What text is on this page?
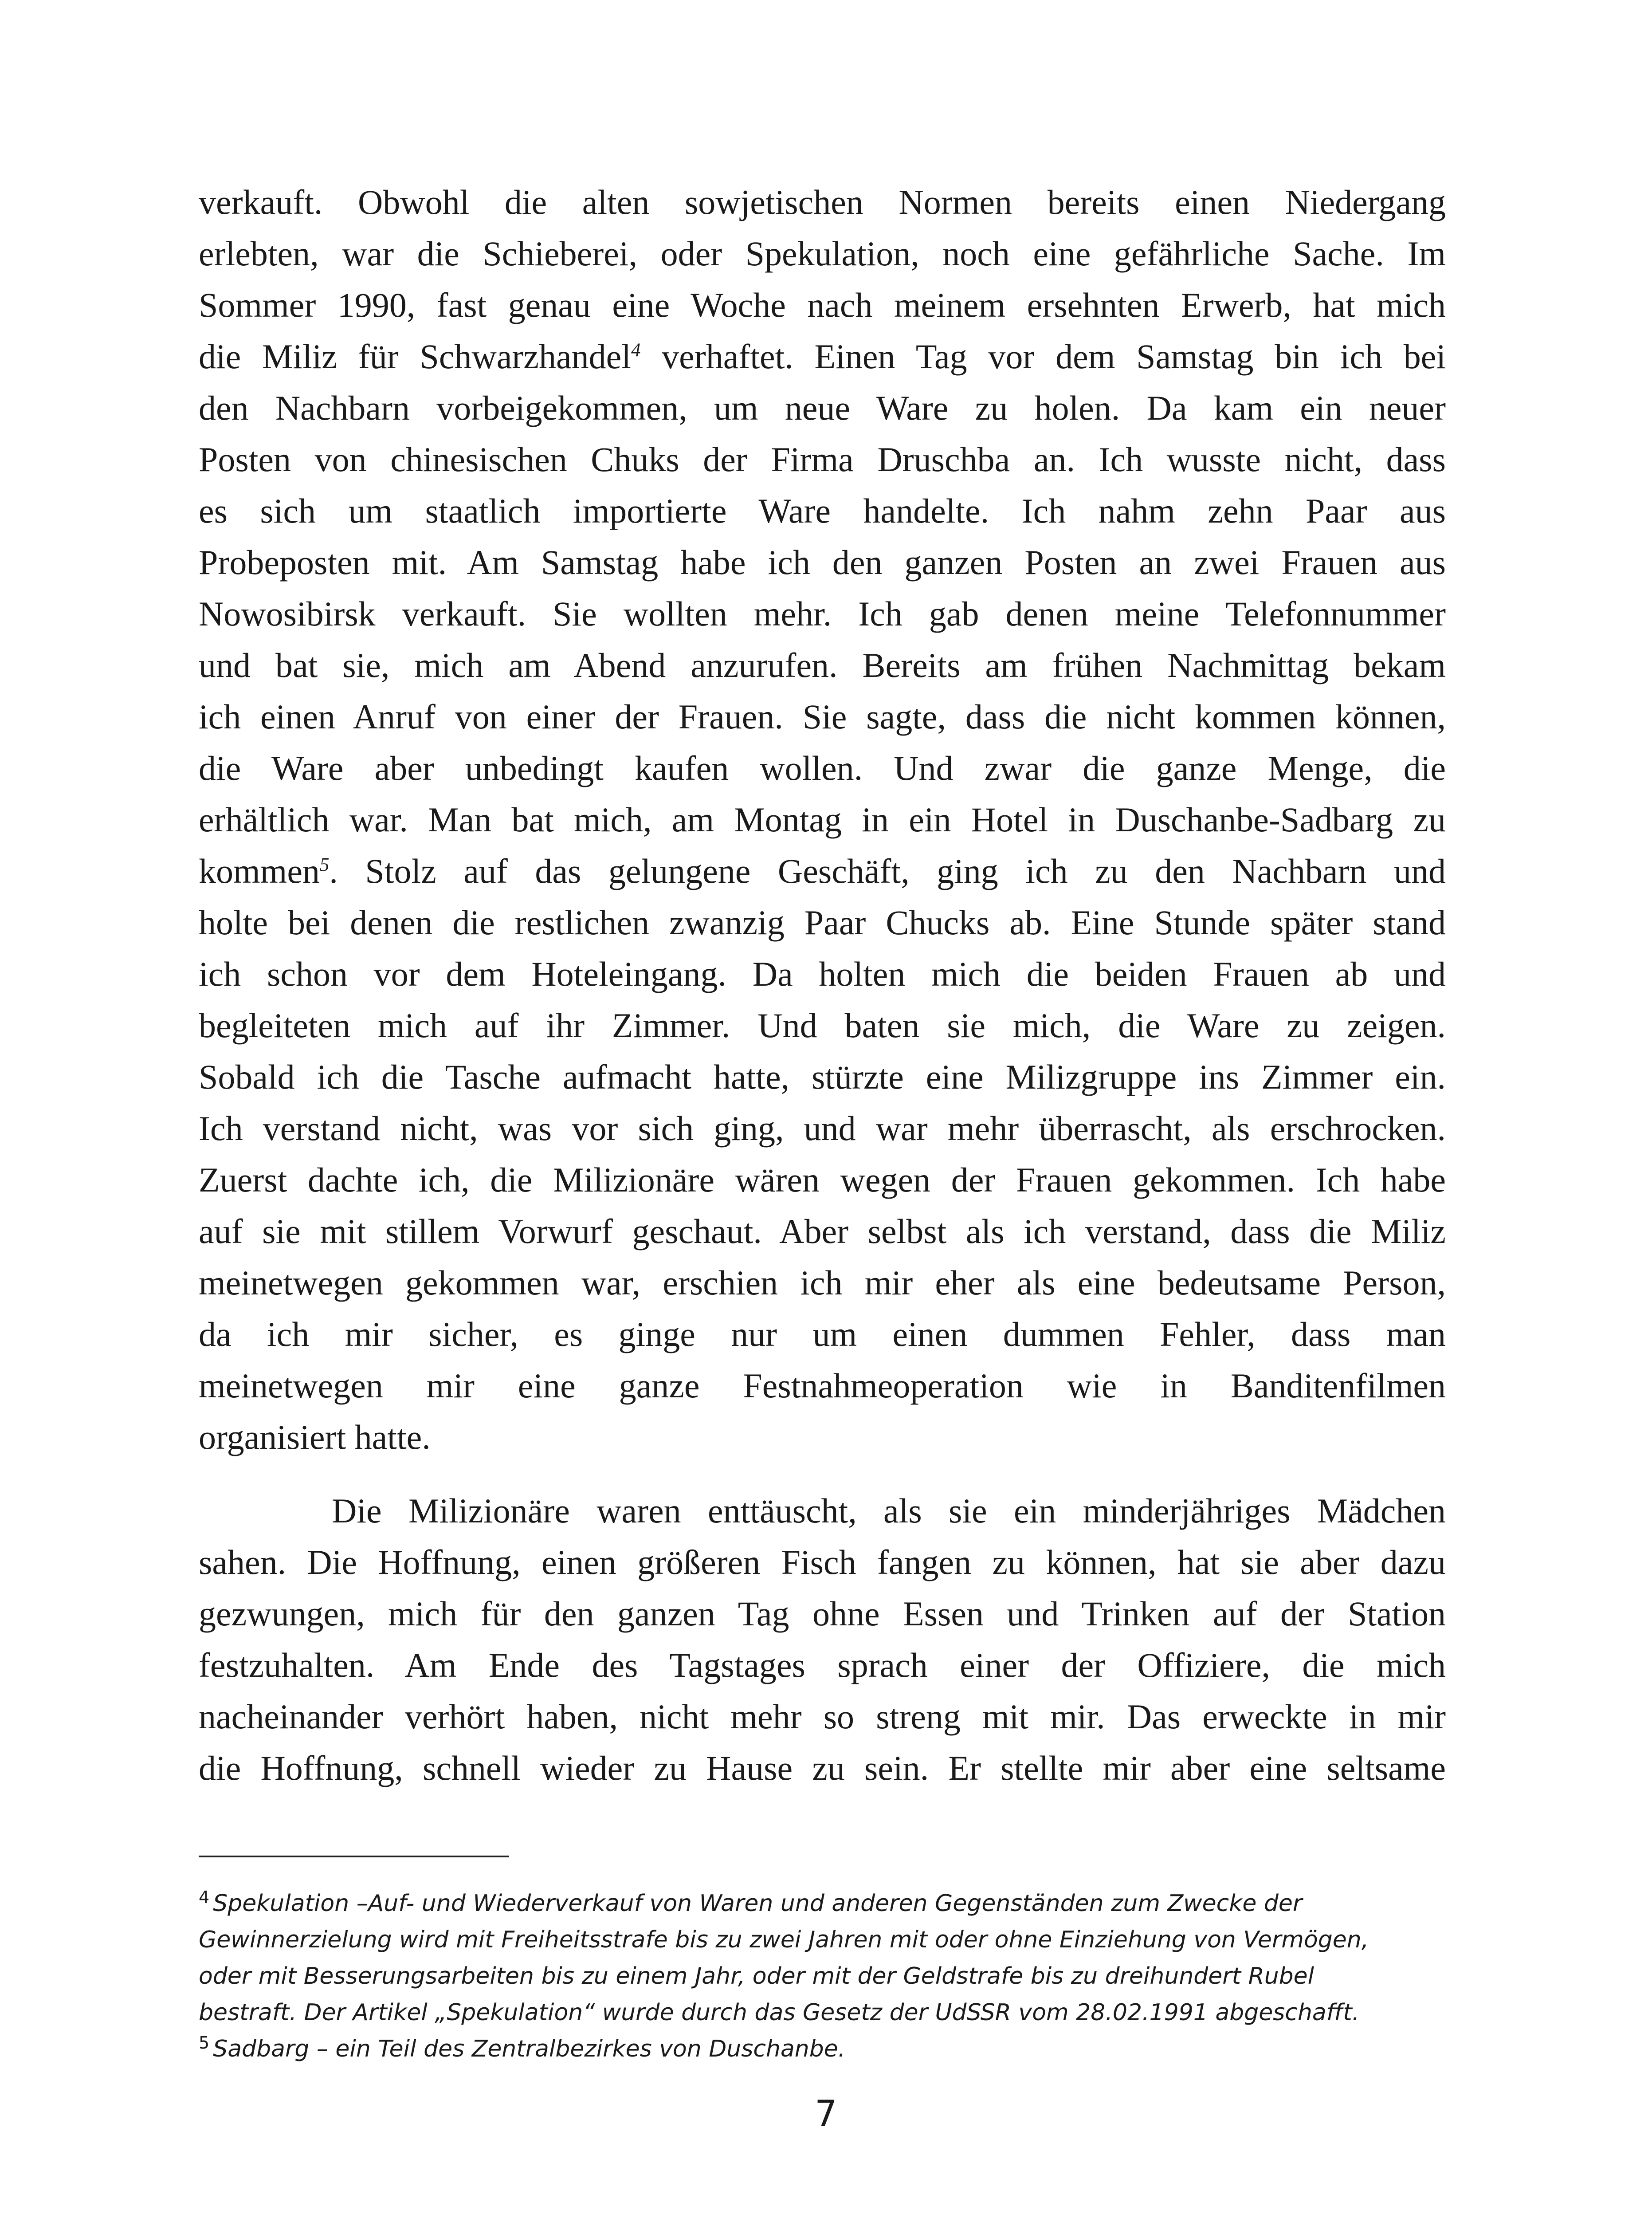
verkauft. Obwohl die alten sowjetischen Normen bereits einen Niedergang
erlebten, war die Schieberei, oder Spekulation, noch eine gefährliche Sache. Im
Sommer 1990, fast genau eine Woche nach meinem ersehnten Erwerb, hat mich
die Miliz für Schwarzhandel$^4$ verhaftet. Einen Tag vor dem Samstag bin ich bei
den Nachbarn vorbeigekommen, um neue Ware zu holen. Da kam ein neuer
Posten von chinesischen Chuks der Firma Druschba an. Ich wusste nicht, dass
es sich um staatlich importierte Ware handelte. Ich nahm zehn Paar aus
Probeposten mit. Am Samstag habe ich den ganzen Posten an zwei Frauen aus
Nowosibirsk verkauft. Sie wollten mehr. Ich gab denen meine Telefonnummer
und bat sie, mich am Abend anzurufen. Bereits am frühen Nachmittag bekam
ich einen Anruf von einer der Frauen. Sie sagte, dass die nicht kommen können,
die Ware aber unbedingt kaufen wollen. Und zwar die ganze Menge, die
erhältlich war. Man bat mich, am Montag in ein Hotel in Duschanbe-Sadbarg zu
kommen$^5$. Stolz auf das gelungene Geschäft, ging ich zu den Nachbarn und
holte bei denen die restlichen zwanzig Paar Chucks ab. Eine Stunde später stand
ich schon vor dem Hoteleingang. Da holten mich die beiden Frauen ab und
begleiteten mich auf ihr Zimmer. Und baten sie mich, die Ware zu zeigen.
Sobald ich die Tasche aufmacht hatte, stürzte eine Milizgruppe ins Zimmer ein.
Ich verstand nicht, was vor sich ging, und war mehr überrascht, als erschrocken.
Zuerst dachte ich, die Milizionäre wären wegen der Frauen gekommen. Ich habe
auf sie mit stillem Vorwurf geschaut. Aber selbst als ich verstand, dass die Miliz
meinetwegen gekommen war, erschien ich mir eher als eine bedeutsame Person,
da ich mir sicher, es ginge nur um einen dummen Fehler, dass man
meinetwegen mir eine ganze Festnahmeoperation wie in Banditenfilmen
organisiert hatte.
Die Milizionäre waren enttäuscht, als sie ein minderjähriges Mädchen
sahen. Die Hoffnung, einen größeren Fisch fangen zu können, hat sie aber dazu
gezwungen, mich für den ganzen Tag ohne Essen und Trinken auf der Station
festzuhalten. Am Ende des Tagstages sprach einer der Offiziere, die mich
nacheinander verhört haben, nicht mehr so streng mit mir. Das erweckte in mir
die Hoffnung, schnell wieder zu Hause zu sein. Er stellte mir aber eine seltsame
$^4$ Spekulation –Auf- und Wiederverkauf von Waren und anderen Gegenständen zum Zwecke der
Gewinnerzielung wird mit Freiheitsstrafe bis zu zwei Jahren mit oder ohne Einziehung von Vermögen,
oder mit Besserungsarbeiten bis zu einem Jahr, oder mit der Geldstrafe bis zu dreihundert Rubel
bestraft. Der Artikel „Spekulation“ wurde durch das Gesetz der UdSSR vom 28.02.1991 abgeschafft.
$^5$ Sadbarg – ein Teil des Zentralbezirkes von Duschanbe.
7
